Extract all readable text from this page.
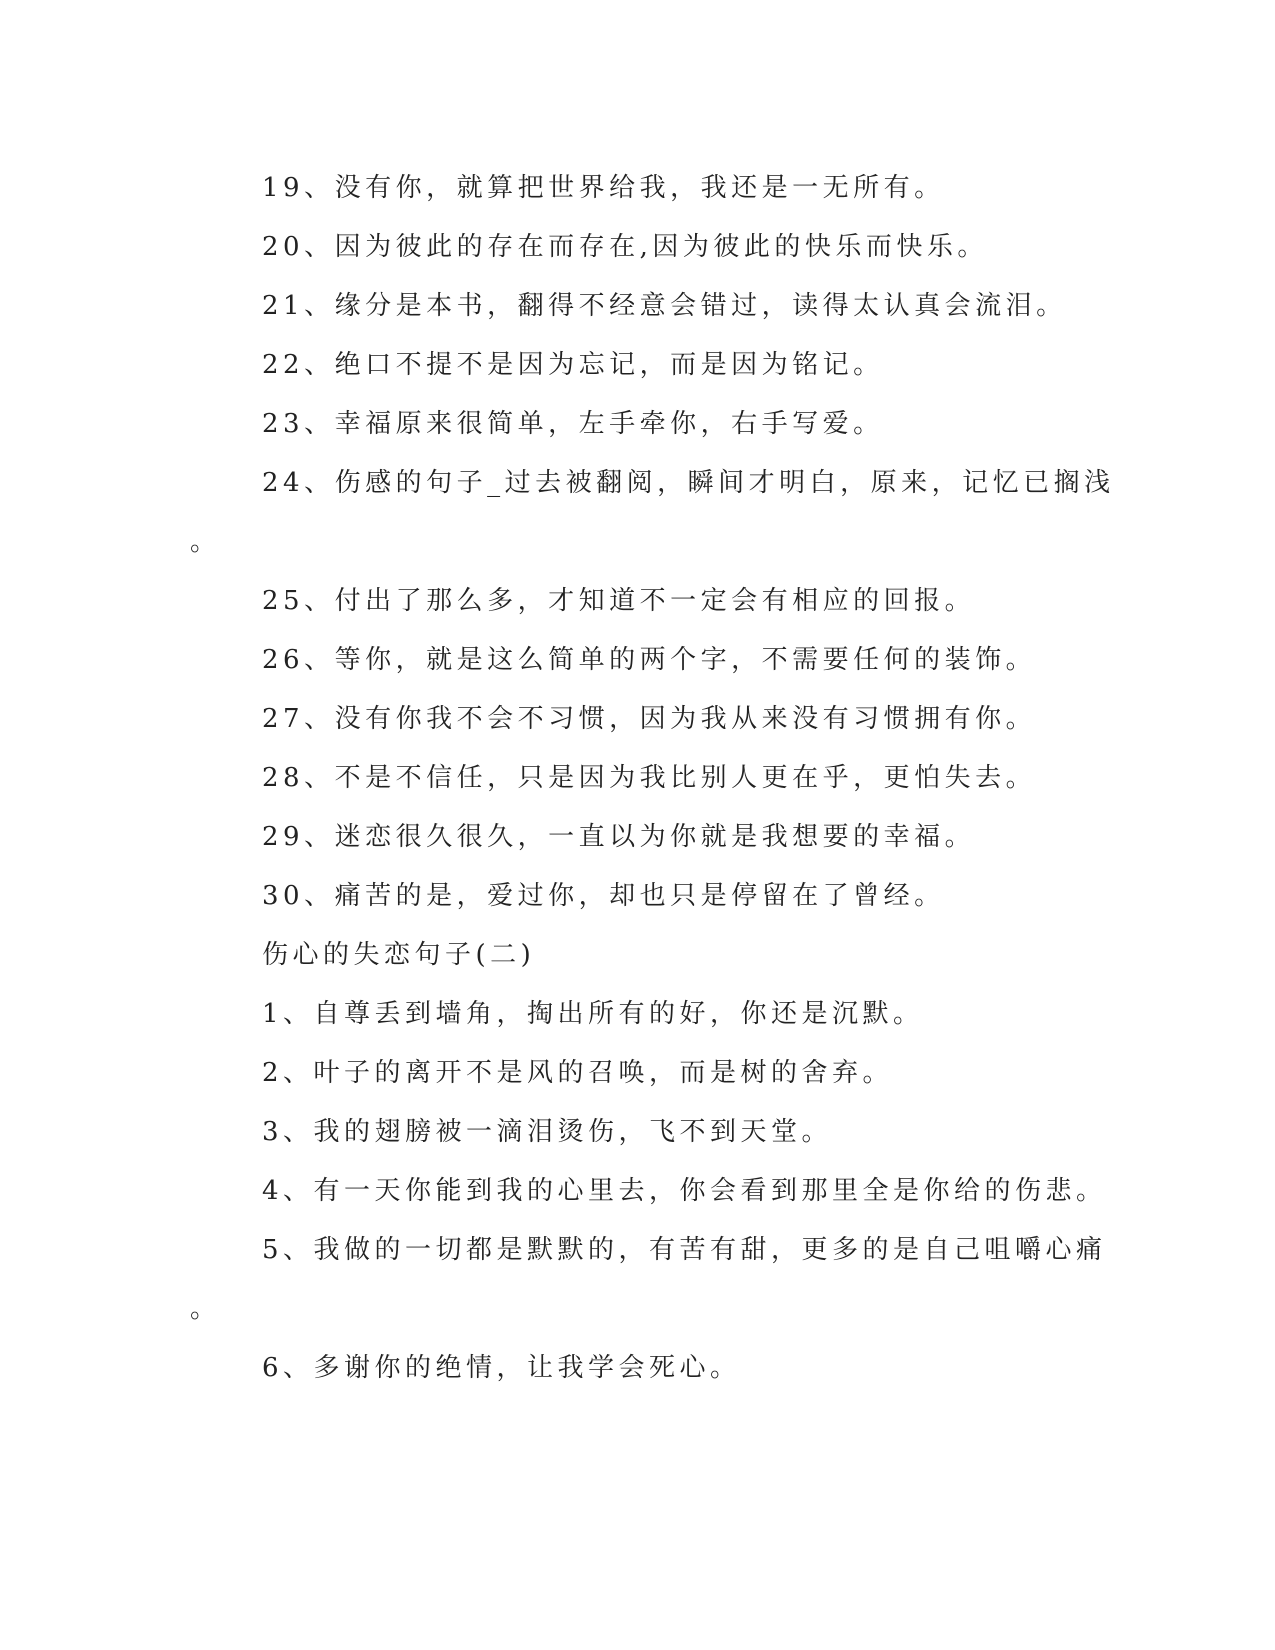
19、没有你，就算把世界给我，我还是一无所有。
20、因为彼此的存在而存在,因为彼此的快乐而快乐。
21、缘分是本书，翻得不经意会错过，读得太认真会流泪。
22、绝口不提不是因为忘记，而是因为铭记。
23、幸福原来很简单，左手牵你，右手写爱。
24、伤感的句子_过去被翻阅，瞬间才明白，原来，记忆已搁浅
。
25、付出了那么多，才知道不一定会有相应的回报。
26、等你，就是这么简单的两个字，不需要任何的装饰。
27、没有你我不会不习惯，因为我从来没有习惯拥有你。
28、不是不信任，只是因为我比别人更在乎，更怕失去。
29、迷恋很久很久，一直以为你就是我想要的幸福。
30、痛苦的是，爱过你，却也只是停留在了曾经。
伤心的失恋句子(二)
1、自尊丢到墙角，掏出所有的好，你还是沉默。
2、叶子的离开不是风的召唤，而是树的舍弃。
3、我的翅膀被一滴泪烫伤，飞不到天堂。
4、有一天你能到我的心里去，你会看到那里全是你给的伤悲。
5、我做的一切都是默默的，有苦有甜，更多的是自己咀嚼心痛
。
6、多谢你的绝情，让我学会死心。
